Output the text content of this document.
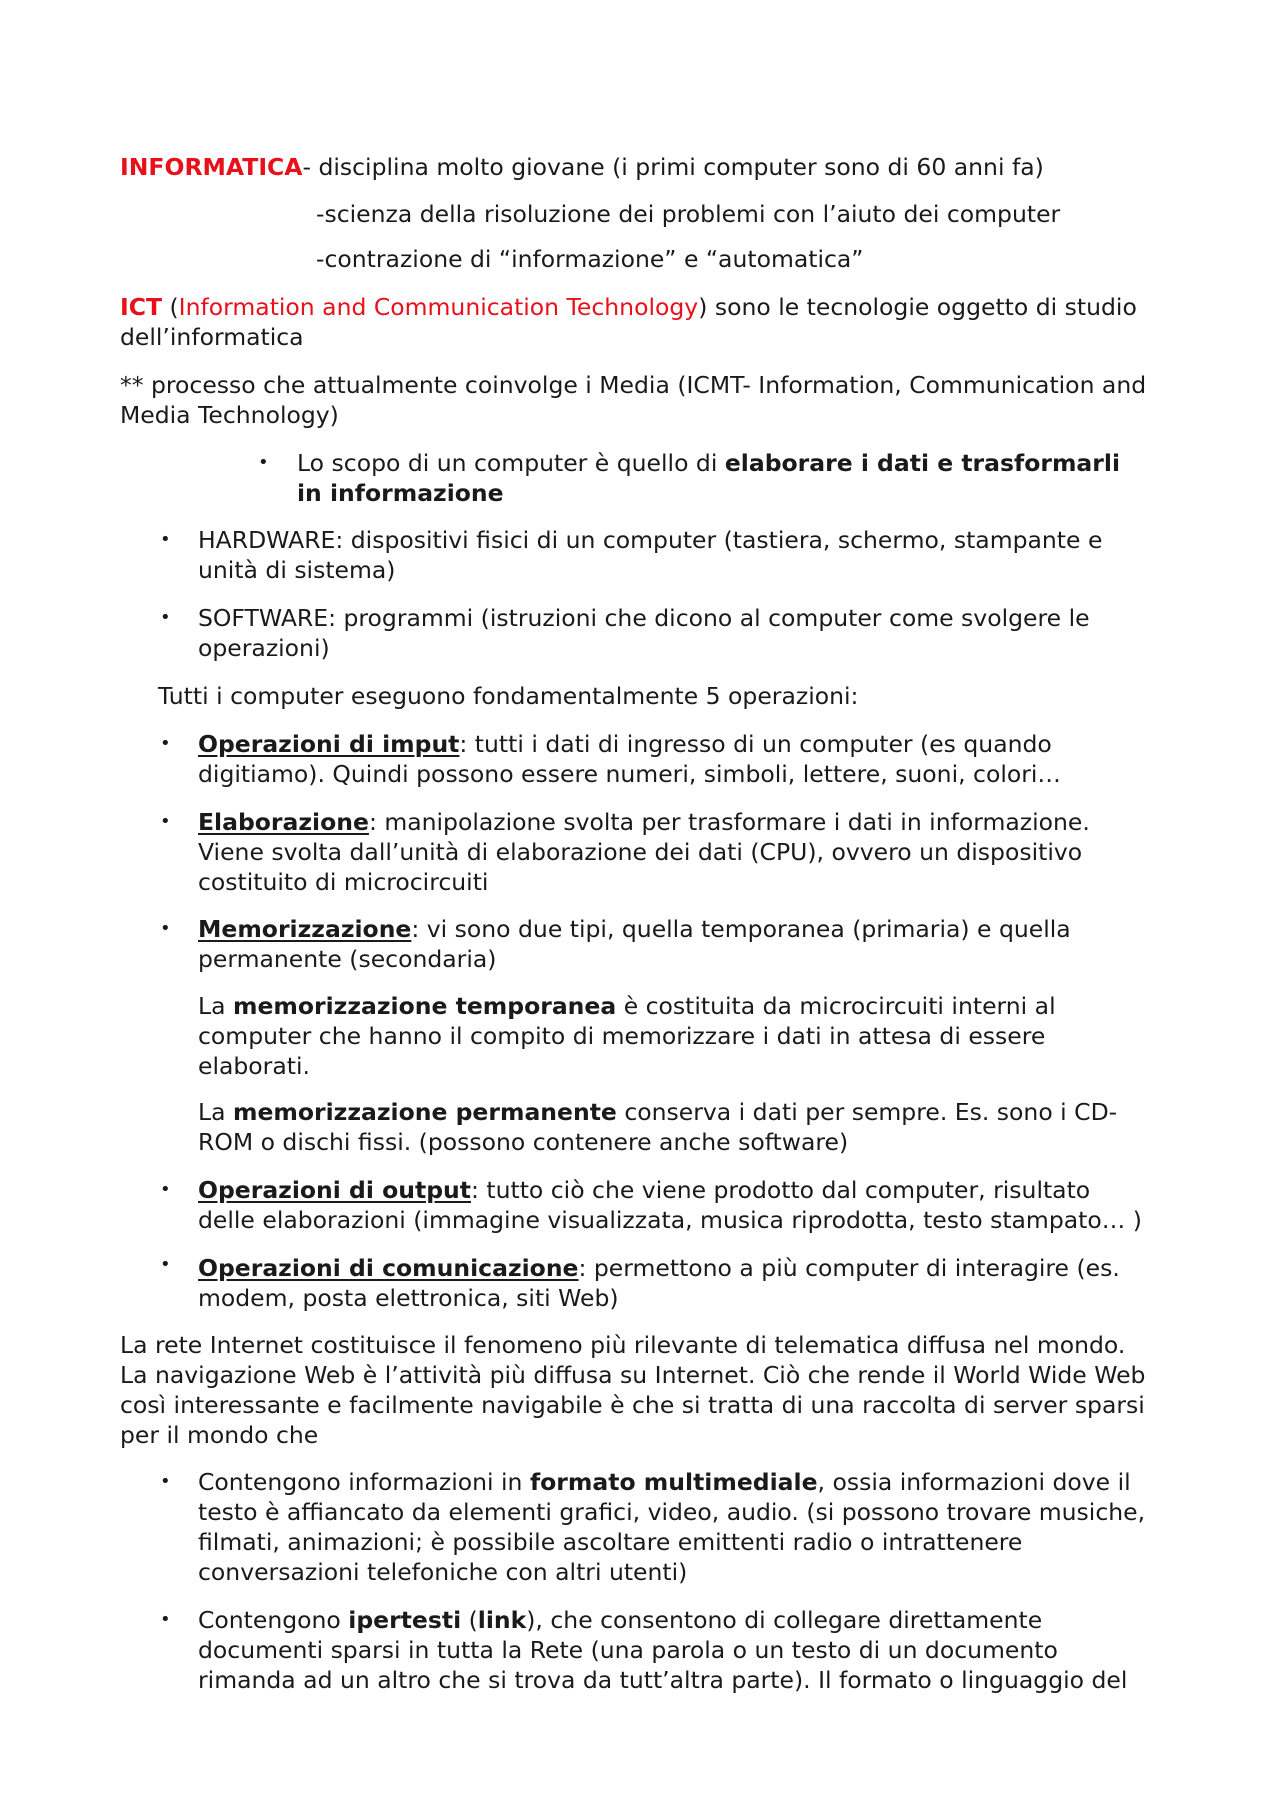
INFORMATICA- disciplina molto giovane (i primi computer sono di 60 anni fa)

-scienza della risoluzione dei problemi con l’aiuto dei computer

-contrazione di “informazione” e “automatica”

ICT (Information and Communication Technology) sono le tecnologie oggetto di studio

dell’informatica

** processo che attualmente coinvolge i Media (ICMT- Information, Communication and

Media Technology)

• Lo scopo di un computer è quello di elaborare i dati e trasformarli

in informazione

• HARDWARE: dispositivi fisici di un computer (tastiera, schermo, stampante e

unità di sistema)

• SOFTWARE: programmi (istruzioni che dicono al computer come svolgere le

operazioni)

Tutti i computer eseguono fondamentalmente 5 operazioni:

• Operazioni di imput: tutti i dati di ingresso di un computer (es quando

digitiamo). Quindi possono essere numeri, simboli, lettere, suoni, colori…

• Elaborazione: manipolazione svolta per trasformare i dati in informazione.

Viene svolta dall’unità di elaborazione dei dati (CPU), ovvero un dispositivo

costituito di microcircuiti

• Memorizzazione: vi sono due tipi, quella temporanea (primaria) e quella

permanente (secondaria)

La memorizzazione temporanea è costituita da microcircuiti interni al

computer che hanno il compito di memorizzare i dati in attesa di essere

elaborati.

La memorizzazione permanente conserva i dati per sempre. Es. sono i CD-

ROM o dischi fissi. (possono contenere anche software)

• Operazioni di output: tutto ciò che viene prodotto dal computer, risultato

delle elaborazioni (immagine visualizzata, musica riprodotta, testo stampato… )

• Operazioni di comunicazione: permettono a più computer di interagire (es.

modem, posta elettronica, siti Web)

La rete Internet costituisce il fenomeno più rilevante di telematica diffusa nel mondo.

La navigazione Web è l’attività più diffusa su Internet. Ciò che rende il World Wide Web

così interessante e facilmente navigabile è che si tratta di una raccolta di server sparsi

per il mondo che

• Contengono informazioni in formato multimediale, ossia informazioni dove il

testo è affiancato da elementi grafici, video, audio. (si possono trovare musiche,

filmati, animazioni; è possibile ascoltare emittenti radio o intrattenere

conversazioni telefoniche con altri utenti)

• Contengono ipertesti (link), che consentono di collegare direttamente

documenti sparsi in tutta la Rete (una parola o un testo di un documento

rimanda ad un altro che si trova da tutt’altra parte). Il formato o linguaggio del
